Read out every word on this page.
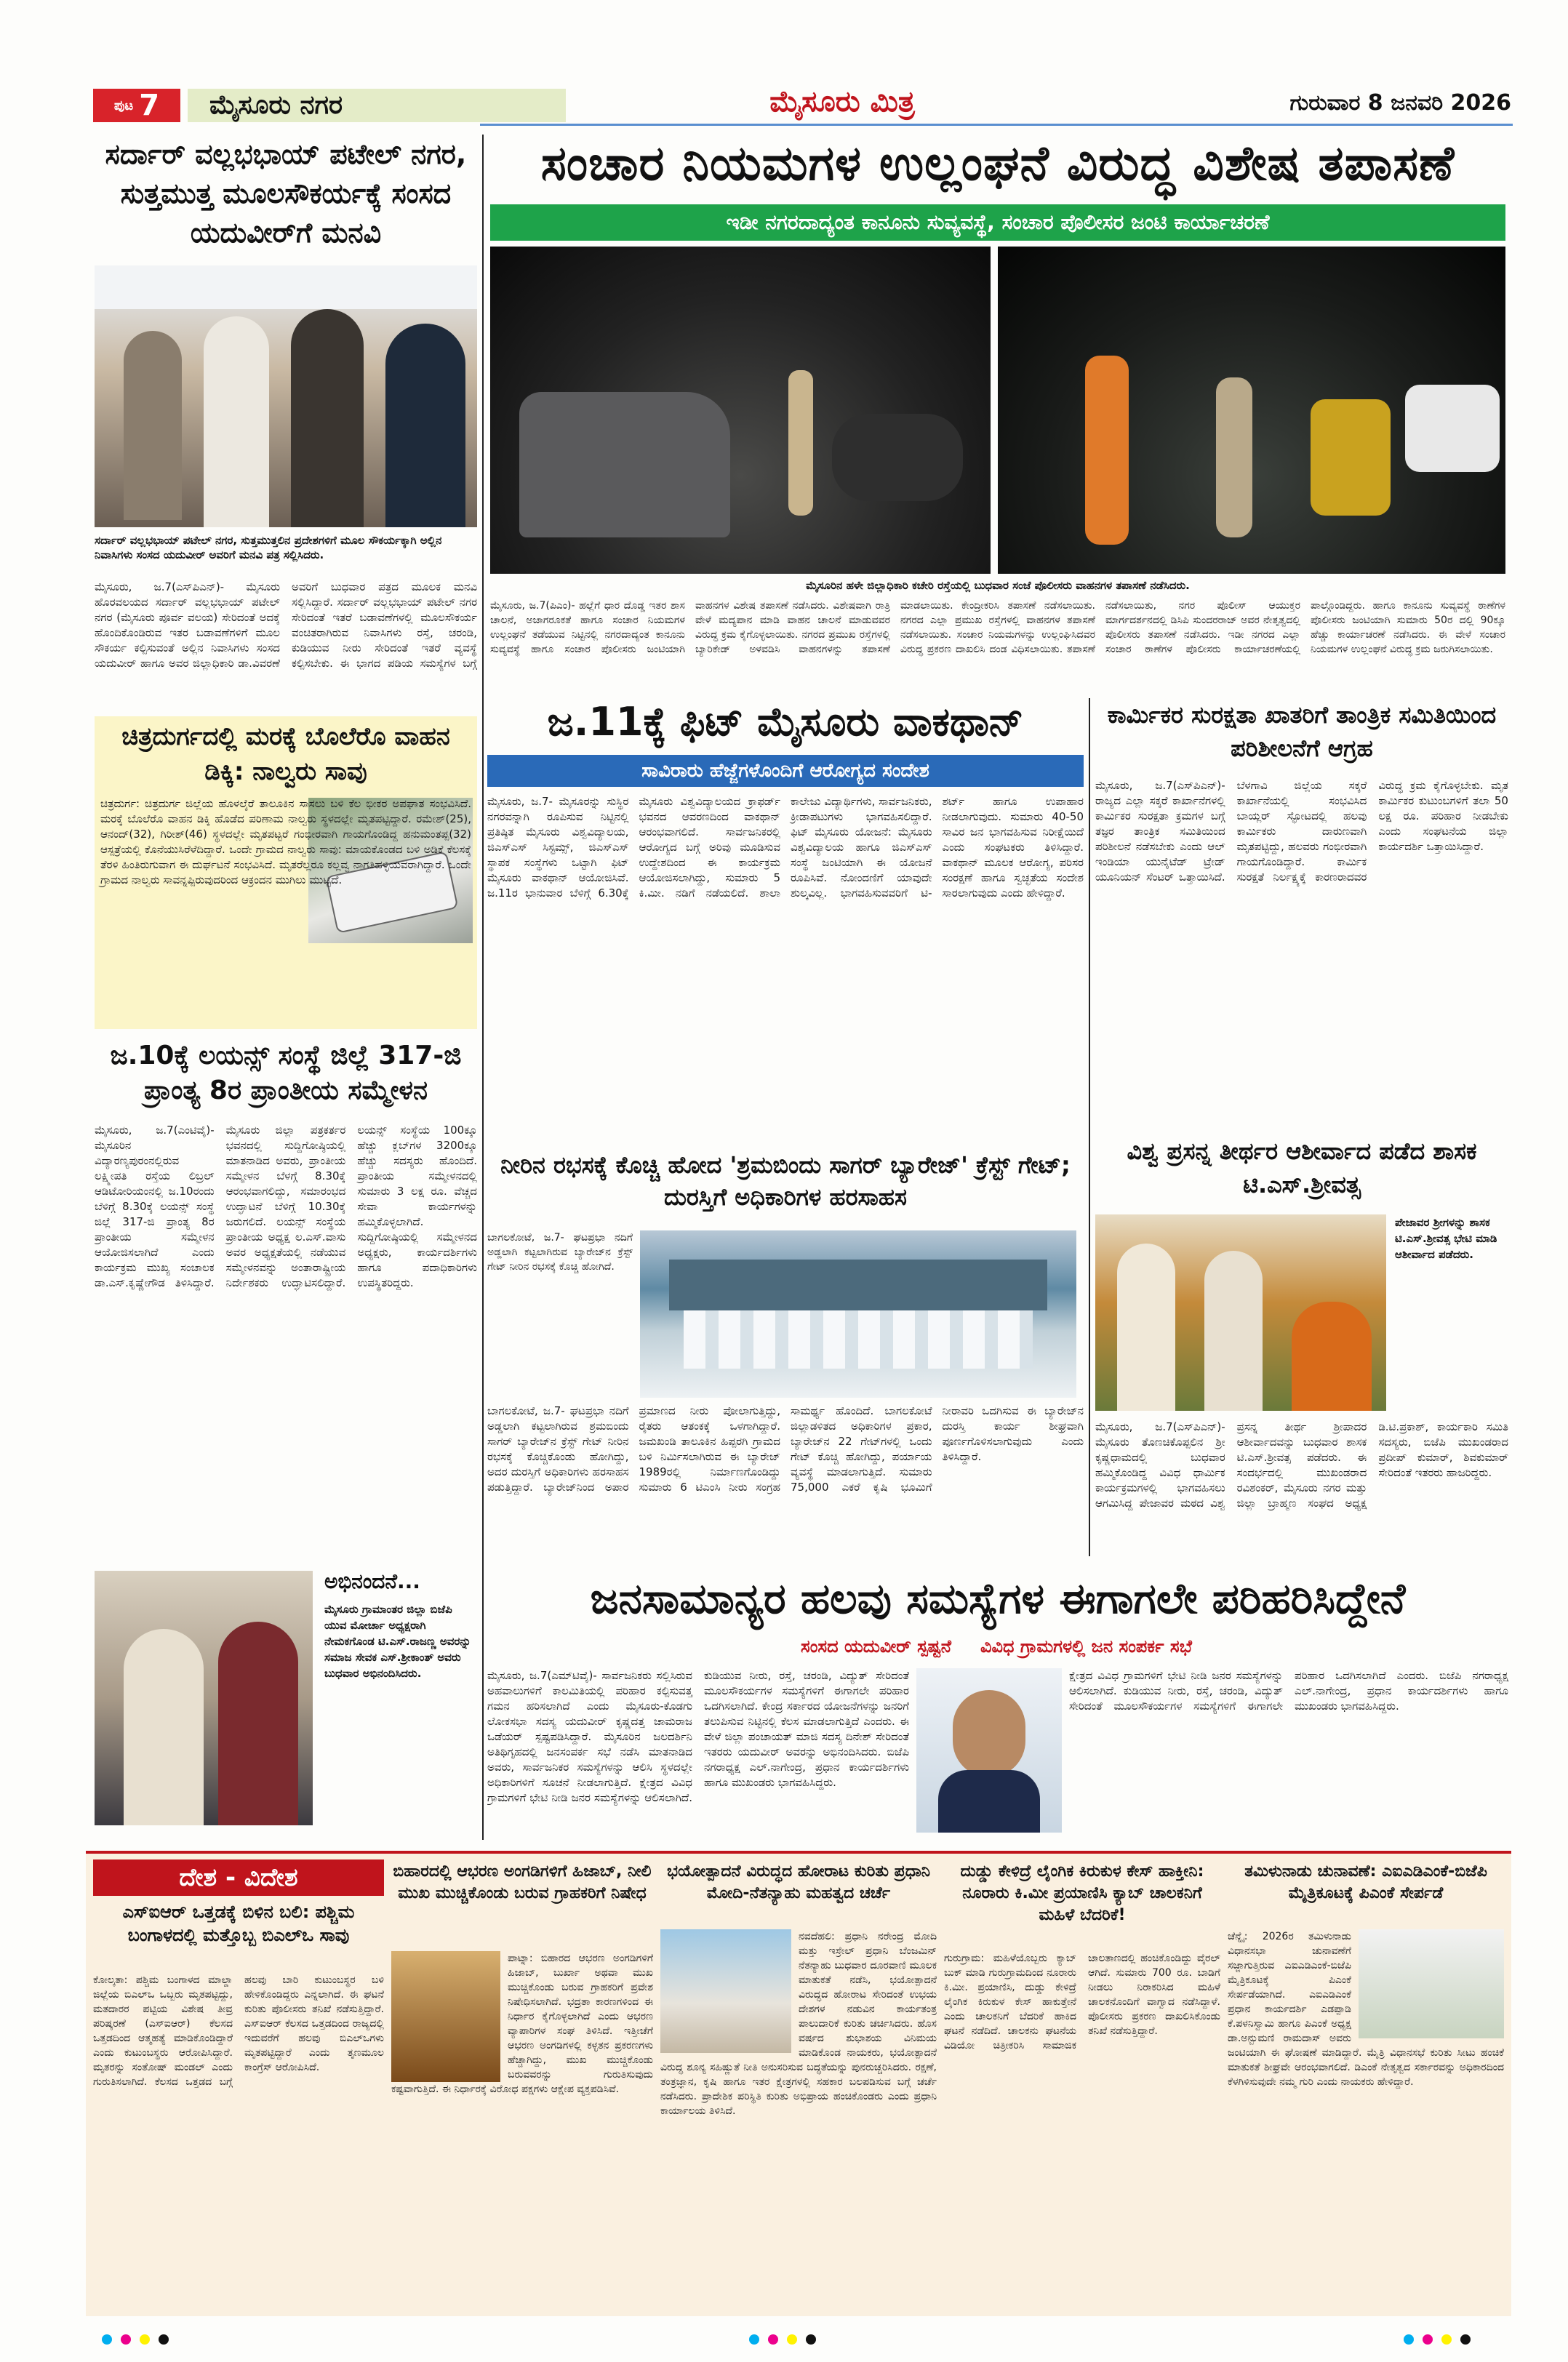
ಪುಟ 7 ಮೈಸೂರು ನಗರ	ಮೈಸೂರು ಮಿತ್ರ	ಗುರುವಾರ 8 ಜನವರಿ 2026
ಸರ್ದಾರ್ ವಲ್ಲಭಭಾಯ್ ಪಟೇಲ್ ನಗರ, ಸುತ್ತಮುತ್ತ ಮೂಲಸೌಕರ್ಯಕ್ಕೆ ಸಂಸದ ಯದುವೀರ್‌ಗೆ ಮನವಿ
ಸರ್ದಾರ್ ವಲ್ಲಭಭಾಯ್ ಪಟೇಲ್ ನಗರ, ಸುತ್ತಮುತ್ತಲಿನ ಪ್ರದೇಶಗಳಿಗೆ ಮೂಲ ಸೌಕರ್ಯಕ್ಕಾಗಿ ಅಲ್ಲಿನ ನಿವಾಸಿಗಳು ಸಂಸದ ಯದುವೀರ್ ಅವರಿಗೆ ಮನವಿ ಪತ್ರ ಸಲ್ಲಿಸಿದರು.
ಮೈಸೂರು, ಜ.7(ಎಸ್‌ಪಿಎನ್)- ಮೈಸೂರು ಹೊರವಲಯದ ಸರ್ದಾರ್ ವಲ್ಲಭಭಾಯ್ ಪಟೇಲ್ ನಗರ (ಮೈಸೂರು ಪೂರ್ವ ವಲಯ) ಸೇರಿದಂತೆ ಅದಕ್ಕೆ ಹೊಂದಿಕೊಂಡಿರುವ ಇತರ ಬಡಾವಣೆಗಳಿಗೆ ಮೂಲ ಸೌಕರ್ಯ ಕಲ್ಪಿಸುವಂತೆ ಅಲ್ಲಿನ ನಿವಾಸಿಗಳು ಸಂಸದ ಯದುವೀರ್ ಹಾಗೂ ಅವರ ಜಿಲ್ಲಾಧಿಕಾರಿ ಡಾ.ವಿವರಣೆ ಅವರಿಗೆ ಬುಧವಾರ ಪತ್ರದ ಮೂಲಕ ಮನವಿ ಸಲ್ಲಿಸಿದ್ದಾರೆ. ಸರ್ದಾರ್ ವಲ್ಲಭಭಾಯ್ ಪಟೇಲ್ ನಗರ ಸೇರಿದಂತೆ ಇತರೆ ಬಡಾವಣೆಗಳಲ್ಲಿ ಮೂಲಸೌಕರ್ಯ ವಂಚಿತರಾಗಿರುವ ನಿವಾಸಿಗಳು ರಸ್ತೆ, ಚರಂಡಿ, ಕುಡಿಯುವ ನೀರು ಸೇರಿದಂತೆ ಇತರೆ ವ್ಯವಸ್ಥೆ ಕಲ್ಪಿಸಬೇಕು. ಈ ಭಾಗದ ಪಡಿಯ ಸಮಸ್ಯೆಗಳ ಬಗ್ಗೆ
ಸಂಚಾರ ನಿಯಮಗಳ ಉಲ್ಲಂಘನೆ ವಿರುದ್ಧ ವಿಶೇಷ ತಪಾಸಣೆ
ಇಡೀ ನಗರದಾದ್ಯಂತ ಕಾನೂನು ಸುವ್ಯವಸ್ಥೆ, ಸಂಚಾರ ಪೊಲೀಸರ ಜಂಟಿ ಕಾರ್ಯಾಚರಣೆ
ಮೈಸೂರಿನ ಹಳೇ ಜಿಲ್ಲಾಧಿಕಾರಿ ಕಚೇರಿ ರಸ್ತೆಯಲ್ಲಿ ಬುಧವಾರ ಸಂಜೆ ಪೊಲೀಸರು ವಾಹನಗಳ ತಪಾಸಣೆ ನಡೆಸಿದರು.
ಮೈಸೂರು, ಜ.7(ಪಿಎಂ)- ಹಲ್ಲೆಗೆ ಧಾರ ದೊಡ್ಡ ಇತರ ಶಾಸ ಚಾಲನೆ, ಅಜಾಗರೂಕತೆ ಹಾಗೂ ಸಂಚಾರ ನಿಯಮಗಳ ಉಲ್ಲಂಘನೆ ತಡೆಯುವ ನಿಟ್ಟಿನಲ್ಲಿ ನಗರದಾದ್ಯಂತ ಕಾನೂನು ಸುವ್ಯವಸ್ಥೆ ಹಾಗೂ ಸಂಚಾರ ಪೊಲೀಸರು ಜಂಟಿಯಾಗಿ ವಾಹನಗಳ ವಿಶೇಷ ತಪಾಸಣೆ ನಡೆಸಿದರು. ವಿಶೇಷವಾಗಿ ರಾತ್ರಿ ವೇಳೆ ಮದ್ಯಪಾನ ಮಾಡಿ ವಾಹನ ಚಾಲನೆ ಮಾಡುವವರ ವಿರುದ್ಧ ಕ್ರಮ ಕೈಗೊಳ್ಳಲಾಯಿತು. ನಗರದ ಪ್ರಮುಖ ರಸ್ತೆಗಳಲ್ಲಿ ಬ್ಯಾರಿಕೇಡ್ ಅಳವಡಿಸಿ ವಾಹನಗಳನ್ನು ತಪಾಸಣೆ ಮಾಡಲಾಯಿತು. ಕೇಂದ್ರೀಕರಿಸಿ ತಪಾಸಣೆ ನಡೆಸಲಾಯಿತು. ನಗರದ ಎಲ್ಲಾ ಪ್ರಮುಖ ರಸ್ತೆಗಳಲ್ಲಿ ವಾಹನಗಳ ತಪಾಸಣೆ ನಡೆಸಲಾಯಿತು. ಸಂಚಾರ ನಿಯಮಗಳನ್ನು ಉಲ್ಲಂಘಿಸಿದವರ ವಿರುದ್ಧ ಪ್ರಕರಣ ದಾಖಲಿಸಿ ದಂಡ ವಿಧಿಸಲಾಯಿತು. ತಪಾಸಣೆ ನಡೆಸಲಾಯಿತು, ನಗರ ಪೊಲೀಸ್ ಆಯುಕ್ತರ ಮಾರ್ಗದರ್ಶನದಲ್ಲಿ ಡಿಸಿಪಿ ಸುಂದರರಾಜ್ ಅವರ ನೇತೃತ್ವದಲ್ಲಿ ಪೊಲೀಸರು ತಪಾಸಣೆ ನಡೆಸಿದರು. ಇಡೀ ನಗರದ ಎಲ್ಲಾ ಸಂಚಾರ ಠಾಣೆಗಳ ಪೊಲೀಸರು ಕಾರ್ಯಾಚರಣೆಯಲ್ಲಿ ಪಾಲ್ಗೊಂಡಿದ್ದರು. ಹಾಗೂ ಕಾನೂನು ಸುವ್ಯವಸ್ಥೆ ಠಾಣೆಗಳ ಪೊಲೀಸರು ಜಂಟಿಯಾಗಿ ಸುಮಾರು 50ರ ದಲ್ಲಿ 90ಕ್ಕೂ ಹೆಚ್ಚು ಕಾರ್ಯಾಚರಣೆ ನಡೆಸಿದರು. ಈ ವೇಳೆ ಸಂಚಾರ ನಿಯಮಗಳ ಉಲ್ಲಂಘನೆ ವಿರುದ್ಧ ಕ್ರಮ ಜರುಗಿಸಲಾಯಿತು.
ಚಿತ್ರದುರ್ಗದಲ್ಲಿ ಮರಕ್ಕೆ ಬೊಲೆರೊ ವಾಹನ ಡಿಕ್ಕಿ: ನಾಲ್ವರು ಸಾವು
ಚಿತ್ರದುರ್ಗ: ಚಿತ್ರದುರ್ಗ ಜಿಲ್ಲೆಯ ಹೊಳಲ್ಕೆರೆ ತಾಲೂಕಿನ ಸಾಸಲು ಬಳಿ ಕೆಲ ಭೀಕರ ಅಪಘಾತ ಸಂಭವಿಸಿದೆ. ಮರಕ್ಕೆ ಬೊಲೆರೊ ವಾಹನ ಡಿಕ್ಕಿ ಹೊಡೆದ ಪರಿಣಾಮ ನಾಲ್ವರು ಸ್ಥಳದಲ್ಲೇ ಮೃತಪಟ್ಟಿದ್ದಾರೆ. ರಮೇಶ್(25), ಆನಂದ್(32), ಗಿರೀಶ್(46) ಸ್ಥಳದಲ್ಲೇ ಮೃತಪಟ್ಟರೆ ಗಂಭೀರವಾಗಿ ಗಾಯಗೊಂಡಿದ್ದ ಹನುಮಂತಪ್ಪ(32) ಆಸ್ಪತ್ರೆಯಲ್ಲಿ ಕೊನೆಯುಸಿರೆಳೆದಿದ್ದಾರೆ. ಒಂದೇ ಗ್ರಾಮದ ನಾಲ್ವರು ಸಾವು: ಮಾಯಕೊಂಡದ ಬಳಿ ಅಡಿಕೆ ಕೆಲಸಕ್ಕೆ ತೆರಳಿ ಹಿಂತಿರುಗುವಾಗ ಈ ದುರ್ಘಟನೆ ಸಂಭವಿಸಿದೆ. ಮೃತರೆಲ್ಲರೂ ಕಲ್ಲವ್ವ ನಾಗತಿಹಳ್ಳಿಯವರಾಗಿದ್ದಾರೆ. ಒಂದೇ ಗ್ರಾಮದ ನಾಲ್ವರು ಸಾವನ್ನಪ್ಪಿರುವುದರಿಂದ ಆಕ್ರಂದನ ಮುಗಿಲು ಮುಟ್ಟಿದೆ.
ಜ.10ಕ್ಕೆ ಲಯನ್ಸ್ ಸಂಸ್ಥೆ ಜಿಲ್ಲೆ 317-ಜಿ ಪ್ರಾಂತ್ಯ 8ರ ಪ್ರಾಂತೀಯ ಸಮ್ಮೇಳನ
ಮೈಸೂರು, ಜ.7(ಎಂಟಿವೈ)- ಮೈಸೂರಿನ ವಿದ್ಯಾರಣ್ಯಪುರಂನಲ್ಲಿರುವ ಲಕ್ಷ್ಮೀಪತಿ ರಸ್ತೆಯ ಲಿಬ್ರಲ್ ಆಡಿಟೋರಿಯಂನಲ್ಲಿ ಜ.10ರಂದು ಬೆಳಿಗ್ಗೆ 8.30ಕ್ಕೆ ಲಯನ್ಸ್ ಸಂಸ್ಥೆ ಜಿಲ್ಲೆ 317-ಜಿ ಪ್ರಾಂತ್ಯ 8ರ ಪ್ರಾಂತೀಯ ಸಮ್ಮೇಳನ ಆಯೋಜಿಸಲಾಗಿದೆ ಎಂದು ಕಾರ್ಯಕ್ರಮ ಮುಖ್ಯ ಸಂಚಾಲಕ ಡಾ.ಎಸ್.ಕೃಷ್ಣೇಗೌಡ ತಿಳಿಸಿದ್ದಾರೆ. ಮೈಸೂರು ಜಿಲ್ಲಾ ಪತ್ರಕರ್ತರ ಭವನದಲ್ಲಿ ಸುದ್ದಿಗೋಷ್ಠಿಯಲ್ಲಿ ಮಾತನಾಡಿದ ಅವರು, ಪ್ರಾಂತೀಯ ಸಮ್ಮೇಳನ ಬೆಳಗ್ಗೆ 8.30ಕ್ಕೆ ಆರಂಭವಾಗಲಿದ್ದು, ಸಮಾರಂಭದ ಉದ್ಘಾಟನೆ ಬೆಳಿಗ್ಗೆ 10.30ಕ್ಕೆ ಜರುಗಲಿದೆ. ಲಯನ್ಸ್ ಸಂಸ್ಥೆಯ ಪ್ರಾಂತೀಯ ಅಧ್ಯಕ್ಷ ಲ.ಎಸ್.ವಾಸು ಅವರ ಅಧ್ಯಕ್ಷತೆಯಲ್ಲಿ ನಡೆಯುವ ಸಮ್ಮೇಳನವನ್ನು ಅಂತಾರಾಷ್ಟ್ರೀಯ ನಿರ್ದೇಶಕರು ಉದ್ಘಾಟಿಸಲಿದ್ದಾರೆ. ಲಯನ್ಸ್ ಸಂಸ್ಥೆಯ 100ಕ್ಕೂ ಹೆಚ್ಚು ಕ್ಲಬ್‌ಗಳ 3200ಕ್ಕೂ ಹೆಚ್ಚು ಸದಸ್ಯರು ಹೊಂದಿದೆ. ಪ್ರಾಂತೀಯ ಸಮ್ಮೇಳನದಲ್ಲಿ ಸುಮಾರು 3 ಲಕ್ಷ ರೂ. ವೆಚ್ಚದ ಸೇವಾ ಕಾರ್ಯಗಳನ್ನು ಹಮ್ಮಿಕೊಳ್ಳಲಾಗಿದೆ. ಸುದ್ದಿಗೋಷ್ಠಿಯಲ್ಲಿ ಸಮ್ಮೇಳನದ ಅಧ್ಯಕ್ಷರು, ಕಾರ್ಯದರ್ಶಿಗಳು ಹಾಗೂ ಪದಾಧಿಕಾರಿಗಳು ಉಪಸ್ಥಿತರಿದ್ದರು.
ಅಭಿನಂದನೆ...
ಮೈಸೂರು ಗ್ರಾಮಾಂತರ ಜಿಲ್ಲಾ ಬಿಜೆಪಿ ಯುವ ಮೋರ್ಚಾ ಅಧ್ಯಕ್ಷರಾಗಿ ನೇಮಕಗೊಂಡ ಟಿ.ಎಸ್.ರಾಜಣ್ಣ ಅವರನ್ನು ಸಮಾಜ ಸೇವಕ ಎಸ್.ಶ್ರೀಕಾಂತ್ ಅವರು ಬುಧವಾರ ಅಭಿನಂದಿಸಿದರು.
ಜ.11ಕ್ಕೆ ಫಿಟ್ ಮೈಸೂರು ವಾಕಥಾನ್
ಸಾವಿರಾರು ಹೆಜ್ಜೆಗಳೊಂದಿಗೆ ಆರೋಗ್ಯದ ಸಂದೇಶ
ಮೈಸೂರು, ಜ.7- ಮೈಸೂರನ್ನು ಸುಸ್ಥಿರ ನಗರವನ್ನಾಗಿ ರೂಪಿಸುವ ನಿಟ್ಟಿನಲ್ಲಿ ಪ್ರತಿಷ್ಠಿತ ಮೈಸೂರು ವಿಶ್ವವಿದ್ಯಾಲಯ, ಜಿಎಸ್ಎಸ್ ಸಿಸ್ಟಮ್ಸ್, ಜಿಎಸ್ಎಸ್ ಸ್ಥಾಪಕ ಸಂಸ್ಥೆಗಳು ಒಟ್ಟಾಗಿ ಫಿಟ್ ಮೈಸೂರು ವಾಕಥಾನ್ ಆಯೋಜಿಸಿವೆ. ಜ.11ರ ಭಾನುವಾರ ಬೆಳಿಗ್ಗೆ 6.30ಕ್ಕೆ ಮೈಸೂರು ವಿಶ್ವವಿದ್ಯಾಲಯದ ಕ್ರಾಫರ್ಡ್ ಭವನದ ಆವರಣದಿಂದ ವಾಕಥಾನ್ ಆರಂಭವಾಗಲಿದೆ. ಸಾರ್ವಜನಿಕರಲ್ಲಿ ಆರೋಗ್ಯದ ಬಗ್ಗೆ ಅರಿವು ಮೂಡಿಸುವ ಉದ್ದೇಶದಿಂದ ಈ ಕಾರ್ಯಕ್ರಮ ಆಯೋಜಿಸಲಾಗಿದ್ದು, ಸುಮಾರು 5 ಕಿ.ಮೀ. ನಡಿಗೆ ನಡೆಯಲಿದೆ. ಶಾಲಾ ಕಾಲೇಜು ವಿದ್ಯಾರ್ಥಿಗಳು, ಸಾರ್ವಜನಿಕರು, ಕ್ರೀಡಾಪಟುಗಳು ಭಾಗವಹಿಸಲಿದ್ದಾರೆ. ಫಿಟ್ ಮೈಸೂರು ಯೋಜನೆ: ಮೈಸೂರು ವಿಶ್ವವಿದ್ಯಾಲಯ ಹಾಗೂ ಜಿಎಸ್ಎಸ್ ಸಂಸ್ಥೆ ಜಂಟಿಯಾಗಿ ಈ ಯೋಜನೆ ರೂಪಿಸಿವೆ. ನೋಂದಣಿಗೆ ಯಾವುದೇ ಶುಲ್ಕವಿಲ್ಲ. ಭಾಗವಹಿಸುವವರಿಗೆ ಟಿ-ಶರ್ಟ್ ಹಾಗೂ ಉಪಾಹಾರ ನೀಡಲಾಗುವುದು. ಸುಮಾರು 40-50 ಸಾವಿರ ಜನ ಭಾಗವಹಿಸುವ ನಿರೀಕ್ಷೆಯಿದೆ ಎಂದು ಸಂಘಟಕರು ತಿಳಿಸಿದ್ದಾರೆ. ವಾಕಥಾನ್ ಮೂಲಕ ಆರೋಗ್ಯ, ಪರಿಸರ ಸಂರಕ್ಷಣೆ ಹಾಗೂ ಸ್ವಚ್ಛತೆಯ ಸಂದೇಶ ಸಾರಲಾಗುವುದು ಎಂದು ಹೇಳಿದ್ದಾರೆ.
ಕಾರ್ಮಿಕರ ಸುರಕ್ಷತಾ ಖಾತರಿಗೆ ತಾಂತ್ರಿಕ ಸಮಿತಿಯಿಂದ ಪರಿಶೀಲನೆಗೆ ಆಗ್ರಹ
ಮೈಸೂರು, ಜ.7(ಎಸ್‌ಪಿಎನ್)- ರಾಜ್ಯದ ಎಲ್ಲಾ ಸಕ್ಕರೆ ಕಾರ್ಖಾನೆಗಳಲ್ಲಿ ಕಾರ್ಮಿಕರ ಸುರಕ್ಷತಾ ಕ್ರಮಗಳ ಬಗ್ಗೆ ತಜ್ಞರ ತಾಂತ್ರಿಕ ಸಮಿತಿಯಿಂದ ಪರಿಶೀಲನೆ ನಡೆಸಬೇಕು ಎಂದು ಆಲ್ ಇಂಡಿಯಾ ಯುನೈಟೆಡ್ ಟ್ರೇಡ್ ಯೂನಿಯನ್ ಸೆಂಟರ್ ಒತ್ತಾಯಿಸಿದೆ. ಬೆಳಗಾವಿ ಜಿಲ್ಲೆಯ ಸಕ್ಕರೆ ಕಾರ್ಖಾನೆಯಲ್ಲಿ ಸಂಭವಿಸಿದ ಬಾಯ್ಲರ್ ಸ್ಫೋಟದಲ್ಲಿ ಹಲವು ಕಾರ್ಮಿಕರು ದಾರುಣವಾಗಿ ಮೃತಪಟ್ಟಿದ್ದು, ಹಲವರು ಗಂಭೀರವಾಗಿ ಗಾಯಗೊಂಡಿದ್ದಾರೆ. ಕಾರ್ಮಿಕ ಸುರಕ್ಷತೆ ನಿರ್ಲಕ್ಷ್ಯಕ್ಕೆ ಕಾರಣರಾದವರ ವಿರುದ್ಧ ಕ್ರಮ ಕೈಗೊಳ್ಳಬೇಕು. ಮೃತ ಕಾರ್ಮಿಕರ ಕುಟುಂಬಗಳಿಗೆ ತಲಾ 50 ಲಕ್ಷ ರೂ. ಪರಿಹಾರ ನೀಡಬೇಕು ಎಂದು ಸಂಘಟನೆಯ ಜಿಲ್ಲಾ ಕಾರ್ಯದರ್ಶಿ ಒತ್ತಾಯಿಸಿದ್ದಾರೆ.
ನೀರಿನ ರಭಸಕ್ಕೆ ಕೊಚ್ಚಿ ಹೋದ 'ಶ್ರಮಬಿಂದು ಸಾಗರ್ ಬ್ಯಾರೇಜ್' ಕ್ರೆಸ್ಟ್ ಗೇಟ್; ದುರಸ್ತಿಗೆ ಅಧಿಕಾರಿಗಳ ಹರಸಾಹಸ
ಬಾಗಲಕೋಟೆ, ಜ.7- ಘಟಪ್ರಭಾ ನದಿಗೆ ಅಡ್ಡಲಾಗಿ ಕಟ್ಟಲಾಗಿರುವ ಶ್ರಮಬಿಂದು ಸಾಗರ್ ಬ್ಯಾರೇಜ್‌ನ ಕ್ರೆಸ್ಟ್ ಗೇಟ್ ನೀರಿನ ರಭಸಕ್ಕೆ ಕೊಚ್ಚಿಕೊಂಡು ಹೋಗಿದ್ದು, ಅದರ ದುರಸ್ತಿಗೆ ಅಧಿಕಾರಿಗಳು ಹರಸಾಹಸ ಪಡುತ್ತಿದ್ದಾರೆ. ಬ್ಯಾರೇಜ್‌ನಿಂದ ಅಪಾರ ಪ್ರಮಾಣದ ನೀರು ಪೋಲಾಗುತ್ತಿದ್ದು, ರೈತರು ಆತಂಕಕ್ಕೆ ಒಳಗಾಗಿದ್ದಾರೆ. ಜಮಖಂಡಿ ತಾಲೂಕಿನ ಹಿಪ್ಪರಗಿ ಗ್ರಾಮದ ಬಳಿ ನಿರ್ಮಿಸಲಾಗಿರುವ ಈ ಬ್ಯಾರೇಜ್ 1989ರಲ್ಲಿ ನಿರ್ಮಾಣಗೊಂಡಿದ್ದು ಸುಮಾರು 6 ಟಿಎಂಸಿ ನೀರು ಸಂಗ್ರಹ ಸಾಮರ್ಥ್ಯ ಹೊಂದಿದೆ. ಬಾಗಲಕೋಟೆ ಜಿಲ್ಲಾಡಳಿತದ ಅಧಿಕಾರಿಗಳ ಪ್ರಕಾರ, ಬ್ಯಾರೇಜ್‌ನ 22 ಗೇಟ್‌ಗಳಲ್ಲಿ ಒಂದು ಗೇಟ್ ಕೊಚ್ಚಿ ಹೋಗಿದ್ದು, ಪರ್ಯಾಯ ವ್ಯವಸ್ಥೆ ಮಾಡಲಾಗುತ್ತಿದೆ. ಸುಮಾರು 75,000 ಎಕರೆ ಕೃಷಿ ಭೂಮಿಗೆ ನೀರಾವರಿ ಒದಗಿಸುವ ಈ ಬ್ಯಾರೇಜ್‌ನ ದುರಸ್ತಿ ಕಾರ್ಯ ಶೀಘ್ರವಾಗಿ ಪೂರ್ಣಗೊಳಿಸಲಾಗುವುದು ಎಂದು ತಿಳಿಸಿದ್ದಾರೆ.
ಬಾಗಲಕೋಟೆ, ಜ.7- ಘಟಪ್ರಭಾ ನದಿಗೆ ಅಡ್ಡಲಾಗಿ ಕಟ್ಟಲಾಗಿರುವ ಬ್ಯಾರೇಜ್‌ನ ಕ್ರೆಸ್ಟ್ ಗೇಟ್ ನೀರಿನ ರಭಸಕ್ಕೆ ಕೊಚ್ಚಿ ಹೋಗಿದೆ.
ವಿಶ್ವ ಪ್ರಸನ್ನ ತೀರ್ಥರ ಆಶೀರ್ವಾದ ಪಡೆದ ಶಾಸಕ ಟಿ.ಎಸ್.ಶ್ರೀವತ್ಸ
ಪೇಜಾವರ ಶ್ರೀಗಳನ್ನು ಶಾಸಕ ಟಿ.ಎಸ್.ಶ್ರೀವತ್ಸ ಭೇಟಿ ಮಾಡಿ ಆಶೀರ್ವಾದ ಪಡೆದರು.
ಮೈಸೂರು, ಜ.7(ಎಸ್‌ಪಿಎನ್)- ಮೈಸೂರು ತೊಣಚಿಕೊಪ್ಪಲಿನ ಶ್ರೀ ಕೃಷ್ಣಧಾಮದಲ್ಲಿ ಬುಧವಾರ ಹಮ್ಮಿಕೊಂಡಿದ್ದ ವಿವಿಧ ಧಾರ್ಮಿಕ ಕಾರ್ಯಕ್ರಮಗಳಲ್ಲಿ ಭಾಗವಹಿಸಲು ಆಗಮಿಸಿದ್ದ ಪೇಜಾವರ ಮಠದ ವಿಶ್ವ ಪ್ರಸನ್ನ ತೀರ್ಥ ಶ್ರೀಪಾದರ ಆಶೀರ್ವಾದವನ್ನು ಬುಧವಾರ ಶಾಸಕ ಟಿ.ಎಸ್.ಶ್ರೀವತ್ಸ ಪಡೆದರು. ಈ ಸಂದರ್ಭದಲ್ಲಿ ಮುಖಂಡರಾದ ರವಿಶಂಕರ್, ಮೈಸೂರು ನಗರ ಮತ್ತು ಜಿಲ್ಲಾ ಬ್ರಾಹ್ಮಣ ಸಂಘದ ಅಧ್ಯಕ್ಷ ಡಿ.ಟಿ.ಪ್ರಕಾಶ್, ಕಾರ್ಯಕಾರಿ ಸಮಿತಿ ಸದಸ್ಯರು, ಬಿಜೆಪಿ ಮುಖಂಡರಾದ ಪ್ರದೀಪ್ ಕುಮಾರ್, ಶಿವಕುಮಾರ್ ಸೇರಿದಂತೆ ಇತರರು ಹಾಜರಿದ್ದರು.
ಜನಸಾಮಾನ್ಯರ ಹಲವು ಸಮಸ್ಯೆಗಳ ಈಗಾಗಲೇ ಪರಿಹರಿಸಿದ್ದೇನೆ
ಸಂಸದ ಯದುವೀರ್ ಸ್ಪಷ್ಟನೆ ವಿವಿಧ ಗ್ರಾಮಗಳಲ್ಲಿ ಜನ ಸಂಪರ್ಕ ಸಭೆ
ಮೈಸೂರು, ಜ.7(ಎಮ್‌ಟಿವೈ)- ಸಾರ್ವಜನಿಕರು ಸಲ್ಲಿಸಿರುವ ಅಹವಾಲುಗಳಿಗೆ ಕಾಲಮಿತಿಯಲ್ಲಿ ಪರಿಹಾರ ಕಲ್ಪಿಸುವತ್ತ ಗಮನ ಹರಿಸಲಾಗಿದೆ ಎಂದು ಮೈಸೂರು-ಕೊಡಗು ಲೋಕಸಭಾ ಸದಸ್ಯ ಯದುವೀರ್ ಕೃಷ್ಣದತ್ತ ಚಾಮರಾಜ ಒಡೆಯರ್ ಸ್ಪಷ್ಟಪಡಿಸಿದ್ದಾರೆ. ಮೈಸೂರಿನ ಜಲದರ್ಶಿನಿ ಅತಿಥಿಗೃಹದಲ್ಲಿ ಜನಸಂಪರ್ಕ ಸಭೆ ನಡೆಸಿ ಮಾತನಾಡಿದ ಅವರು, ಸಾರ್ವಜನಿಕರ ಸಮಸ್ಯೆಗಳನ್ನು ಆಲಿಸಿ ಸ್ಥಳದಲ್ಲೇ ಅಧಿಕಾರಿಗಳಿಗೆ ಸೂಚನೆ ನೀಡಲಾಗುತ್ತಿದೆ. ಕ್ಷೇತ್ರದ ವಿವಿಧ ಗ್ರಾಮಗಳಿಗೆ ಭೇಟಿ ನೀಡಿ ಜನರ ಸಮಸ್ಯೆಗಳನ್ನು ಆಲಿಸಲಾಗಿದೆ. ಕುಡಿಯುವ ನೀರು, ರಸ್ತೆ, ಚರಂಡಿ, ವಿದ್ಯುತ್ ಸೇರಿದಂತೆ ಮೂಲಸೌಕರ್ಯಗಳ ಸಮಸ್ಯೆಗಳಿಗೆ ಈಗಾಗಲೇ ಪರಿಹಾರ ಒದಗಿಸಲಾಗಿದೆ. ಕೇಂದ್ರ ಸರ್ಕಾರದ ಯೋಜನೆಗಳನ್ನು ಜನರಿಗೆ ತಲುಪಿಸುವ ನಿಟ್ಟಿನಲ್ಲಿ ಕೆಲಸ ಮಾಡಲಾಗುತ್ತಿದೆ ಎಂದರು. ಈ ವೇಳೆ ಜಿಲ್ಲಾ ಪಂಚಾಯತ್ ಮಾಜಿ ಸದಸ್ಯ ದಿನೇಶ್ ಸೇರಿದಂತೆ ಇತರರು ಯದುವೀರ್ ಅವರನ್ನು ಅಭಿನಂದಿಸಿದರು. ಬಿಜೆಪಿ ನಗರಾಧ್ಯಕ್ಷ ಎಲ್.ನಾಗೇಂದ್ರ, ಪ್ರಧಾನ ಕಾರ್ಯದರ್ಶಿಗಳು ಹಾಗೂ ಮುಖಂಡರು ಭಾಗವಹಿಸಿದ್ದರು.
ಕ್ಷೇತ್ರದ ವಿವಿಧ ಗ್ರಾಮಗಳಿಗೆ ಭೇಟಿ ನೀಡಿ ಜನರ ಸಮಸ್ಯೆಗಳನ್ನು ಆಲಿಸಲಾಗಿದೆ. ಕುಡಿಯುವ ನೀರು, ರಸ್ತೆ, ಚರಂಡಿ, ವಿದ್ಯುತ್ ಸೇರಿದಂತೆ ಮೂಲಸೌಕರ್ಯಗಳ ಸಮಸ್ಯೆಗಳಿಗೆ ಈಗಾಗಲೇ ಪರಿಹಾರ ಒದಗಿಸಲಾಗಿದೆ ಎಂದರು. ಬಿಜೆಪಿ ನಗರಾಧ್ಯಕ್ಷ ಎಲ್.ನಾಗೇಂದ್ರ, ಪ್ರಧಾನ ಕಾರ್ಯದರ್ಶಿಗಳು ಹಾಗೂ ಮುಖಂಡರು ಭಾಗವಹಿಸಿದ್ದರು.
ದೇಶ - ವಿದೇಶ
ಎಸ್‌ಐಆರ್ ಒತ್ತಡಕ್ಕೆ ಬಿಳಿನ ಬಲಿ: ಪಶ್ಚಿಮ ಬಂಗಾಳದಲ್ಲಿ ಮತ್ತೊಬ್ಬ ಬಿಎಲ್‌ಒ ಸಾವು
ಕೋಲ್ಕತಾ: ಪಶ್ಚಿಮ ಬಂಗಾಳದ ಮಾಲ್ಡಾ ಜಿಲ್ಲೆಯ ಬಿಎಲ್‌ಒ ಒಬ್ಬರು ಮೃತಪಟ್ಟಿದ್ದು, ಮತದಾರರ ಪಟ್ಟಿಯ ವಿಶೇಷ ತೀವ್ರ ಪರಿಷ್ಕರಣೆ (ಎಸ್‌ಐಆರ್) ಕೆಲಸದ ಒತ್ತಡದಿಂದ ಆತ್ಮಹತ್ಯೆ ಮಾಡಿಕೊಂಡಿದ್ದಾರೆ ಎಂದು ಕುಟುಂಬಸ್ಥರು ಆರೋಪಿಸಿದ್ದಾರೆ. ಮೃತರನ್ನು ಸಂತೋಷ್ ಮಂಡಲ್ ಎಂದು ಗುರುತಿಸಲಾಗಿದೆ. ಕೆಲಸದ ಒತ್ತಡದ ಬಗ್ಗೆ ಹಲವು ಬಾರಿ ಕುಟುಂಬಸ್ಥರ ಬಳಿ ಹೇಳಿಕೊಂಡಿದ್ದರು ಎನ್ನಲಾಗಿದೆ. ಈ ಘಟನೆ ಕುರಿತು ಪೊಲೀಸರು ತನಿಖೆ ನಡೆಸುತ್ತಿದ್ದಾರೆ. ಎಸ್‌ಐಆರ್ ಕೆಲಸದ ಒತ್ತಡದಿಂದ ರಾಜ್ಯದಲ್ಲಿ ಇದುವರೆಗೆ ಹಲವು ಬಿಎಲ್‌ಒಗಳು ಮೃತಪಟ್ಟಿದ್ದಾರೆ ಎಂದು ತೃಣಮೂಲ ಕಾಂಗ್ರೆಸ್ ಆರೋಪಿಸಿದೆ.
ಬಿಹಾರದಲ್ಲಿ ಆಭರಣ ಅಂಗಡಿಗಳಿಗೆ ಹಿಜಾಬ್, ನೀಲಿ ಮುಖ ಮುಚ್ಚಿಕೊಂಡು ಬರುವ ಗ್ರಾಹಕರಿಗೆ ನಿಷೇಧ
ಪಾಟ್ನಾ: ಬಿಹಾರದ ಆಭರಣ ಅಂಗಡಿಗಳಿಗೆ ಹಿಜಾಬ್, ಬುರ್ಖಾ ಅಥವಾ ಮುಖ ಮುಚ್ಚಿಕೊಂಡು ಬರುವ ಗ್ರಾಹಕರಿಗೆ ಪ್ರವೇಶ ನಿಷೇಧಿಸಲಾಗಿದೆ. ಭದ್ರತಾ ಕಾರಣಗಳಿಂದ ಈ ನಿರ್ಧಾರ ಕೈಗೊಳ್ಳಲಾಗಿದೆ ಎಂದು ಆಭರಣ ವ್ಯಾಪಾರಿಗಳ ಸಂಘ ತಿಳಿಸಿದೆ. ಇತ್ತೀಚೆಗೆ ಆಭರಣ ಅಂಗಡಿಗಳಲ್ಲಿ ಕಳ್ಳತನ ಪ್ರಕರಣಗಳು ಹೆಚ್ಚಾಗಿದ್ದು, ಮುಖ ಮುಚ್ಚಿಕೊಂಡು ಬರುವವರನ್ನು ಗುರುತಿಸುವುದು ಕಷ್ಟವಾಗುತ್ತಿದೆ. ಈ ನಿರ್ಧಾರಕ್ಕೆ ವಿರೋಧ ಪಕ್ಷಗಳು ಆಕ್ಷೇಪ ವ್ಯಕ್ತಪಡಿಸಿವೆ.
ಭಯೋತ್ಪಾದನೆ ವಿರುದ್ಧದ ಹೋರಾಟ ಕುರಿತು ಪ್ರಧಾನಿ ಮೋದಿ-ನೆತನ್ಯಾಹು ಮಹತ್ವದ ಚರ್ಚೆ
ನವದೆಹಲಿ: ಪ್ರಧಾನಿ ನರೇಂದ್ರ ಮೋದಿ ಮತ್ತು ಇಸ್ರೇಲ್ ಪ್ರಧಾನಿ ಬೆಂಜಮಿನ್ ನೆತನ್ಯಾಹು ಬುಧವಾರ ದೂರವಾಣಿ ಮೂಲಕ ಮಾತುಕತೆ ನಡೆಸಿ, ಭಯೋತ್ಪಾದನೆ ವಿರುದ್ಧದ ಹೋರಾಟ ಸೇರಿದಂತೆ ಉಭಯ ದೇಶಗಳ ನಡುವಿನ ಕಾರ್ಯತಂತ್ರ ಪಾಲುದಾರಿಕೆ ಕುರಿತು ಚರ್ಚಿಸಿದರು. ಹೊಸ ವರ್ಷದ ಶುಭಾಶಯ ವಿನಿಮಯ ಮಾಡಿಕೊಂಡ ನಾಯಕರು, ಭಯೋತ್ಪಾದನೆ ವಿರುದ್ಧ ಶೂನ್ಯ ಸಹಿಷ್ಣುತೆ ನೀತಿ ಅನುಸರಿಸುವ ಬದ್ಧತೆಯನ್ನು ಪುನರುಚ್ಚರಿಸಿದರು. ರಕ್ಷಣೆ, ತಂತ್ರಜ್ಞಾನ, ಕೃಷಿ ಹಾಗೂ ಇತರ ಕ್ಷೇತ್ರಗಳಲ್ಲಿ ಸಹಕಾರ ಬಲಪಡಿಸುವ ಬಗ್ಗೆ ಚರ್ಚೆ ನಡೆಸಿದರು. ಪ್ರಾದೇಶಿಕ ಪರಿಸ್ಥಿತಿ ಕುರಿತು ಅಭಿಪ್ರಾಯ ಹಂಚಿಕೊಂಡರು ಎಂದು ಪ್ರಧಾನಿ ಕಾರ್ಯಾಲಯ ತಿಳಿಸಿದೆ.
ದುಡ್ಡು ಕೇಳಿದ್ರೆ ಲೈಂಗಿಕ ಕಿರುಕುಳ ಕೇಸ್ ಹಾಕ್ತೀನಿ: ನೂರಾರು ಕಿ.ಮೀ ಪ್ರಯಾಣಿಸಿ ಕ್ಯಾಬ್ ಚಾಲಕನಿಗೆ ಮಹಿಳೆ ಬೆದರಿಕೆ!
ಗುರುಗ್ರಾಮ: ಮಹಿಳೆಯೊಬ್ಬರು ಕ್ಯಾಬ್ ಬುಕ್ ಮಾಡಿ ಗುರುಗ್ರಾಮದಿಂದ ನೂರಾರು ಕಿ.ಮೀ. ಪ್ರಯಾಣಿಸಿ, ದುಡ್ಡು ಕೇಳಿದ್ರೆ ಲೈಂಗಿಕ ಕಿರುಕುಳ ಕೇಸ್ ಹಾಕುತ್ತೇನೆ ಎಂದು ಚಾಲಕನಿಗೆ ಬೆದರಿಕೆ ಹಾಕಿದ ಘಟನೆ ನಡೆದಿದೆ. ಚಾಲಕನು ಘಟನೆಯ ವಿಡಿಯೋ ಚಿತ್ರೀಕರಿಸಿ ಸಾಮಾಜಿಕ ಜಾಲತಾಣದಲ್ಲಿ ಹಂಚಿಕೊಂಡಿದ್ದು ವೈರಲ್ ಆಗಿದೆ. ಸುಮಾರು 700 ರೂ. ಬಾಡಿಗೆ ನೀಡಲು ನಿರಾಕರಿಸಿದ ಮಹಿಳೆ ಚಾಲಕನೊಂದಿಗೆ ವಾಗ್ವಾದ ನಡೆಸಿದ್ದಾಳೆ. ಪೊಲೀಸರು ಪ್ರಕರಣ ದಾಖಲಿಸಿಕೊಂಡು ತನಿಖೆ ನಡೆಸುತ್ತಿದ್ದಾರೆ.
ತಮಿಳುನಾಡು ಚುನಾವಣೆ: ಎಐಎಡಿಎಂಕೆ-ಬಿಜೆಪಿ ಮೈತ್ರಿಕೂಟಕ್ಕೆ ಪಿಎಂಕೆ ಸೇರ್ಪಡೆ
ಚೆನ್ನೈ: 2026ರ ತಮಿಳುನಾಡು ವಿಧಾನಸಭಾ ಚುನಾವಣೆಗೆ ಸಜ್ಜಾಗುತ್ತಿರುವ ಎಐಎಡಿಎಂಕೆ-ಬಿಜೆಪಿ ಮೈತ್ರಿಕೂಟಕ್ಕೆ ಪಿಎಂಕೆ ಸೇರ್ಪಡೆಯಾಗಿದೆ. ಎಐಎಡಿಎಂಕೆ ಪ್ರಧಾನ ಕಾರ್ಯದರ್ಶಿ ಎಡಪ್ಪಾಡಿ ಕೆ.ಪಳನಿಸ್ವಾಮಿ ಹಾಗೂ ಪಿಎಂಕೆ ಅಧ್ಯಕ್ಷ ಡಾ.ಅನ್ಬುಮಣಿ ರಾಮದಾಸ್ ಅವರು ಜಂಟಿಯಾಗಿ ಈ ಘೋಷಣೆ ಮಾಡಿದ್ದಾರೆ. ಮೈತ್ರಿ ವಿಧಾನಸಭೆ ಕುರಿತು ಸೀಟು ಹಂಚಿಕೆ ಮಾತುಕತೆ ಶೀಘ್ರವೇ ಆರಂಭವಾಗಲಿದೆ. ಡಿಎಂಕೆ ನೇತೃತ್ವದ ಸರ್ಕಾರವನ್ನು ಅಧಿಕಾರದಿಂದ ಕೆಳಗಿಳಿಸುವುದೇ ನಮ್ಮ ಗುರಿ ಎಂದು ನಾಯಕರು ಹೇಳಿದ್ದಾರೆ.
